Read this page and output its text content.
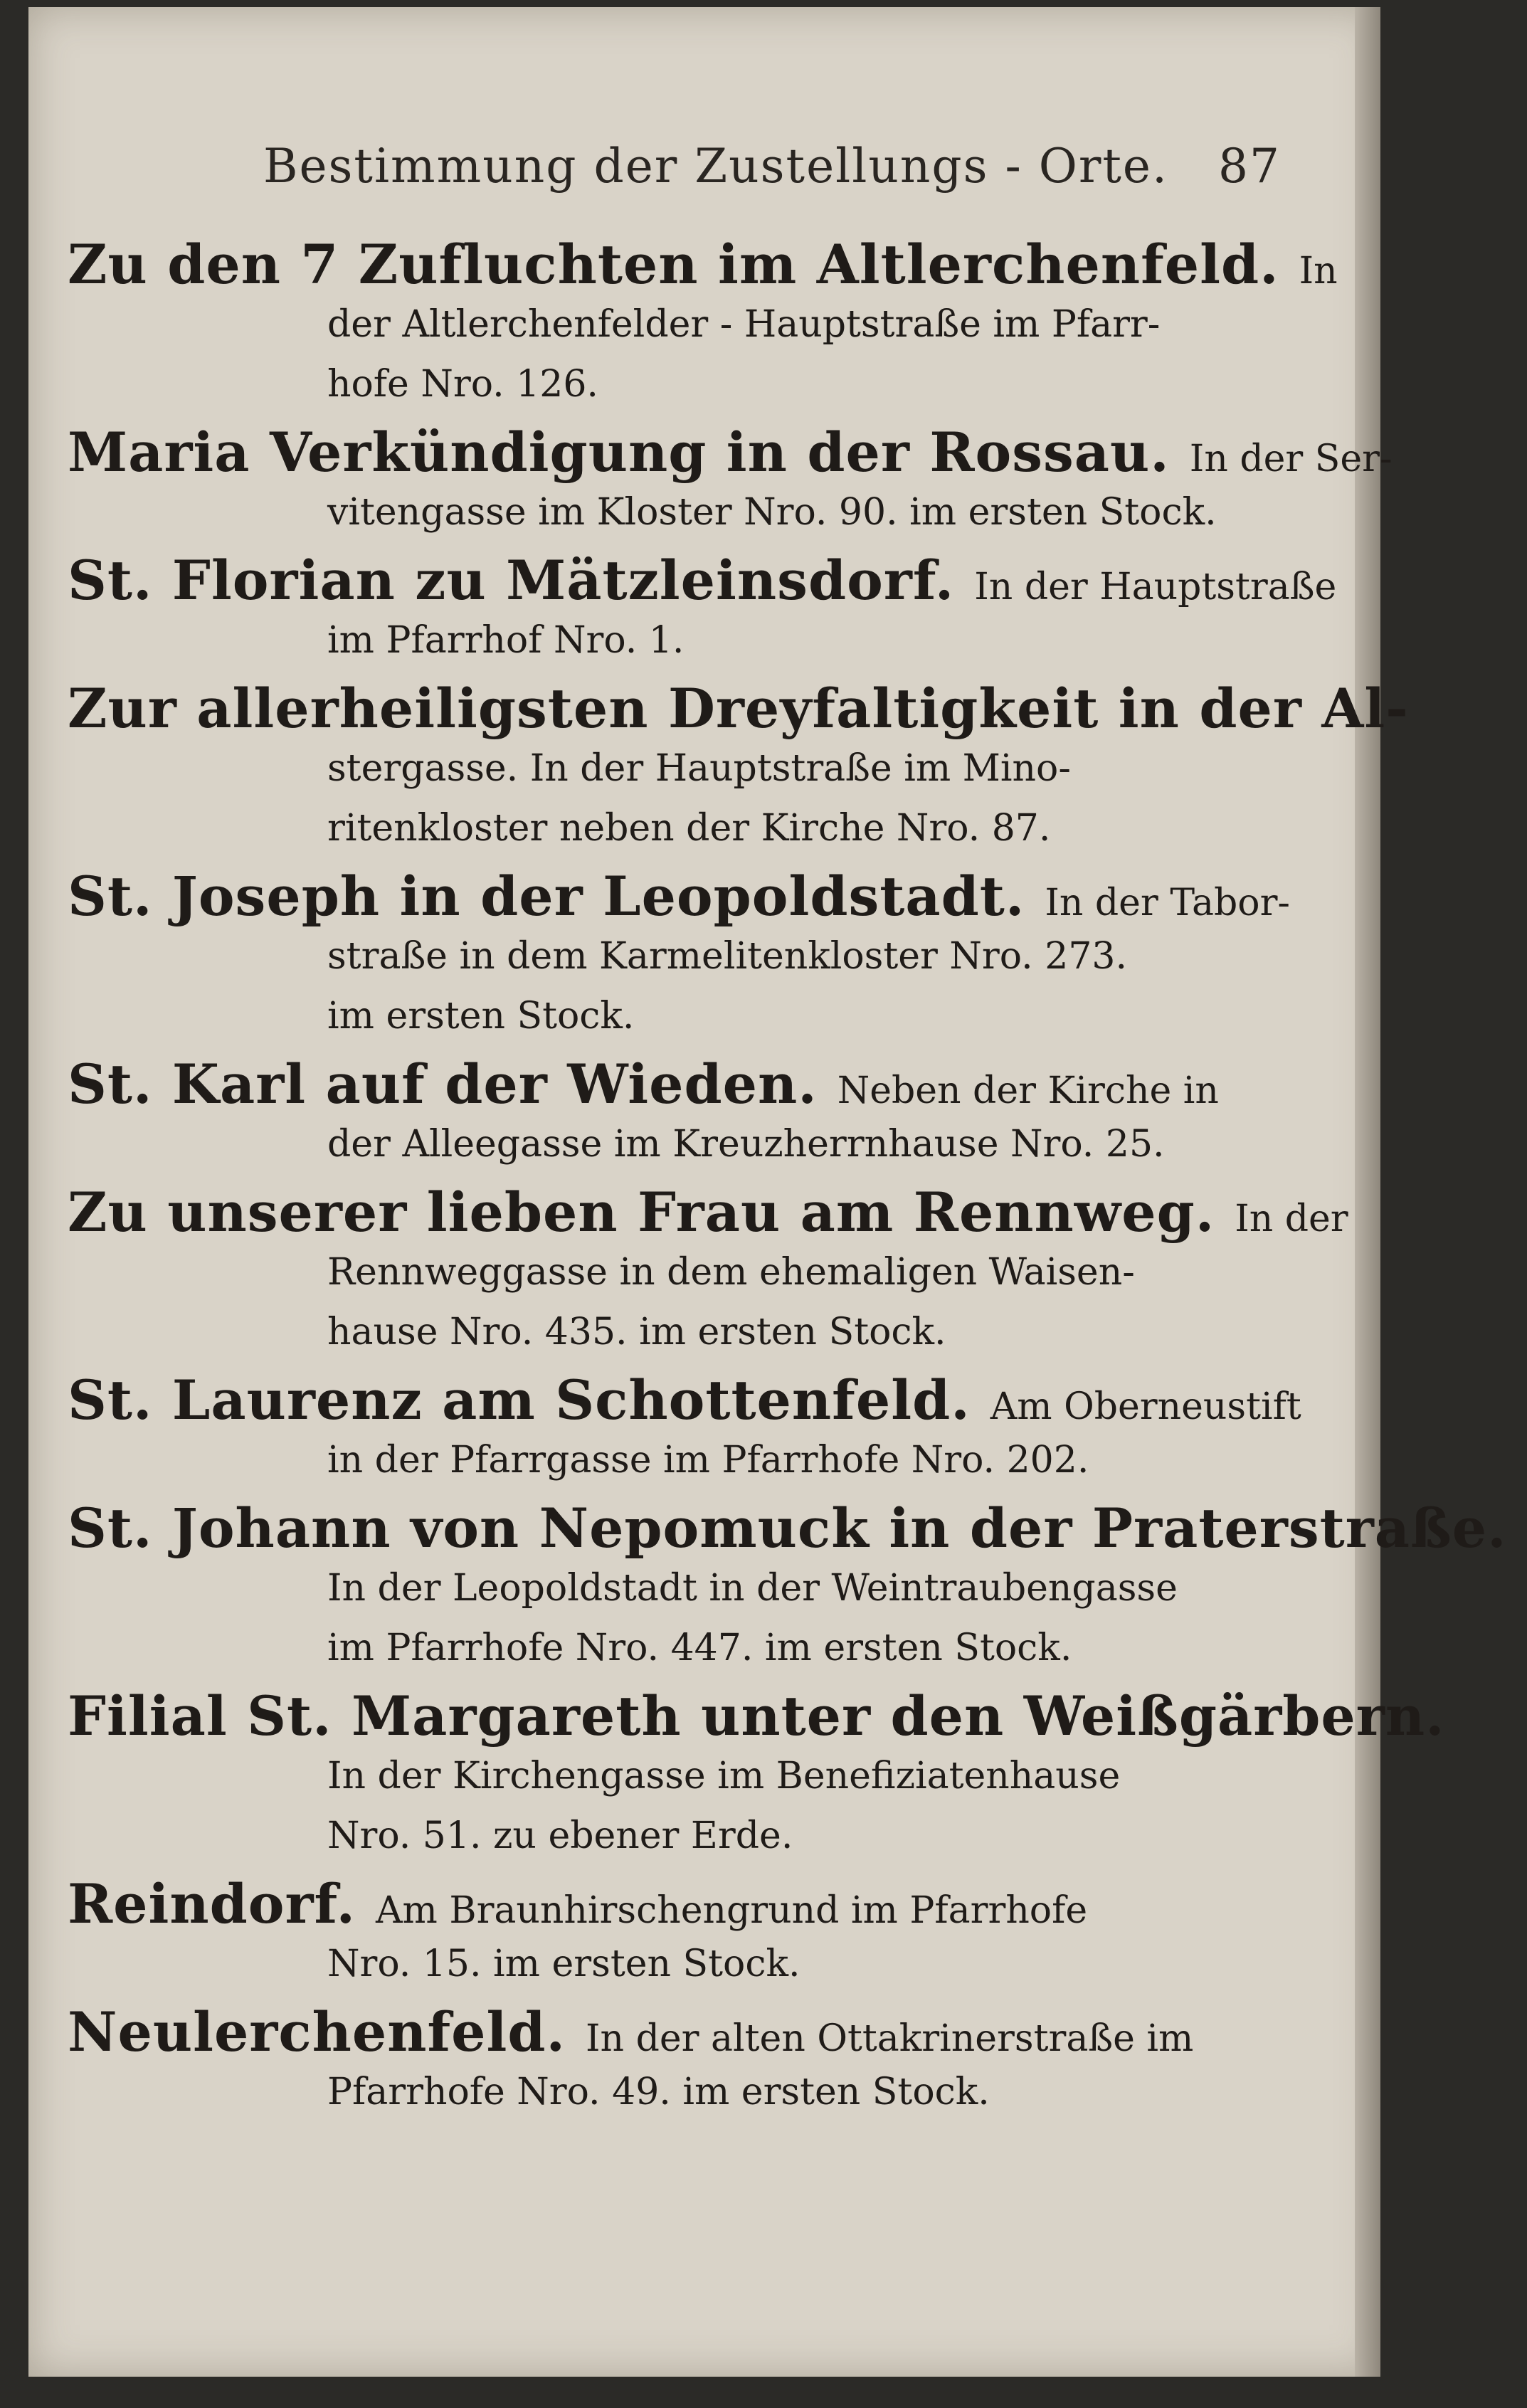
Bestimmung der Zustellungs - Orte. 87
Zu den 7 Zufluchten im Altlerchenfeld. In
der Altlerchenfelder - Hauptstraße im Pfarr-
hofe Nro. 126.
Maria Verkündigung in der Rossau. In der Ser-
vitengasse im Kloster Nro. 90. im ersten Stock.
St. Florian zu Mätzleinsdorf. In der Hauptstraße
im Pfarrhof Nro. 1.
Zur allerheiligsten Dreyfaltigkeit in der Al-
stergasse. In der Hauptstraße im Mino-
ritenkloster neben der Kirche Nro. 87.
St. Joseph in der Leopoldstadt. In der Tabor-
straße in dem Karmelitenkloster Nro. 273.
im ersten Stock.
St. Karl auf der Wieden. Neben der Kirche in
der Alleegasse im Kreuzherrnhause Nro. 25.
Zu unserer lieben Frau am Rennweg. In der
Rennweggasse in dem ehemaligen Waisen-
hause Nro. 435. im ersten Stock.
St. Laurenz am Schottenfeld. Am Oberneustift
in der Pfarrgasse im Pfarrhofe Nro. 202.
St. Johann von Nepomuck in der Praterstraße.
In der Leopoldstadt in der Weintraubengasse
im Pfarrhofe Nro. 447. im ersten Stock.
Filial St. Margareth unter den Weißgärbern.
In der Kirchengasse im Benefiziatenhause
Nro. 51. zu ebener Erde.
Reindorf. Am Braunhirschengrund im Pfarrhofe
Nro. 15. im ersten Stock.
Neulerchenfeld. In der alten Ottakrinerstraße im
Pfarrhofe Nro. 49. im ersten Stock.
